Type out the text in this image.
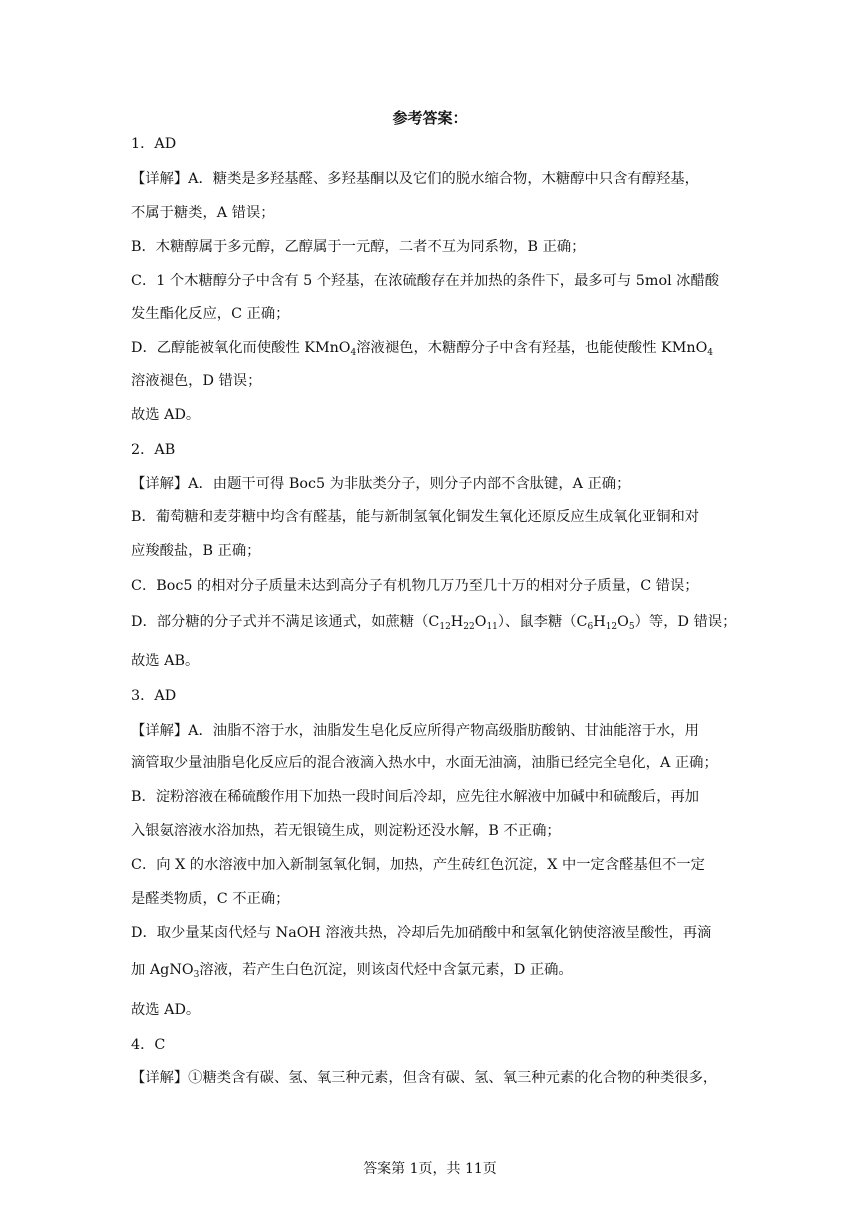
参考答案：
1．AD
【详解】A．糖类是多羟基醛、多羟基酮以及它们的脱水缩合物，木糖醇中只含有醇羟基，
不属于糖类，A 错误；
B．木糖醇属于多元醇，乙醇属于一元醇，二者不互为同系物，B 正确；
C．1 个木糖醇分子中含有 5 个羟基，在浓硫酸存在并加热的条件下，最多可与 5mol 冰醋酸
发生酯化反应，C 正确；
D．乙醇能被氧化而使酸性 KMnO$_4$溶液褪色，木糖醇分子中含有羟基，也能使酸性 KMnO$_4$
溶液褪色，D 错误；
故选 AD。
2．AB
【详解】A．由题干可得 Boc5 为非肽类分子，则分子内部不含肽键，A 正确；
B．葡萄糖和麦芽糖中均含有醛基，能与新制氢氧化铜发生氧化还原反应生成氧化亚铜和对
应羧酸盐，B 正确；
C．Boc5 的相对分子质量未达到高分子有机物几万乃至几十万的相对分子质量，C 错误；
D．部分糖的分子式并不满足该通式，如蔗糖$(C_{12}H_{22}O_{11})$、鼠李糖$(C_6H_{12}O_5)$等，D 错误；
故选 AB。
3．AD
【详解】A．油脂不溶于水，油脂发生皂化反应所得产物高级脂肪酸钠、甘油能溶于水，用
滴管取少量油脂皂化反应后的混合液滴入热水中，水面无油滴，油脂已经完全皂化，A 正确；
B．淀粉溶液在稀硫酸作用下加热一段时间后冷却，应先往水解液中加碱中和硫酸后，再加
入银氨溶液水浴加热，若无银镜生成，则淀粉还没水解，B 不正确；
C．向 X 的水溶液中加入新制氢氧化铜，加热，产生砖红色沉淀，X 中一定含醛基但不一定
是醛类物质，C 不正确；
D．取少量某卤代烃与 NaOH 溶液共热，冷却后先加硝酸中和氢氧化钠使溶液呈酸性，再滴
加 AgNO$_3$溶液，若产生白色沉淀，则该卤代烃中含氯元素，D 正确。
故选 AD。
4．C
【详解】①糖类含有碳、氢、氧三种元素，但含有碳、氢、氧三种元素的化合物的种类很多，
答案第 1页，共 11页
